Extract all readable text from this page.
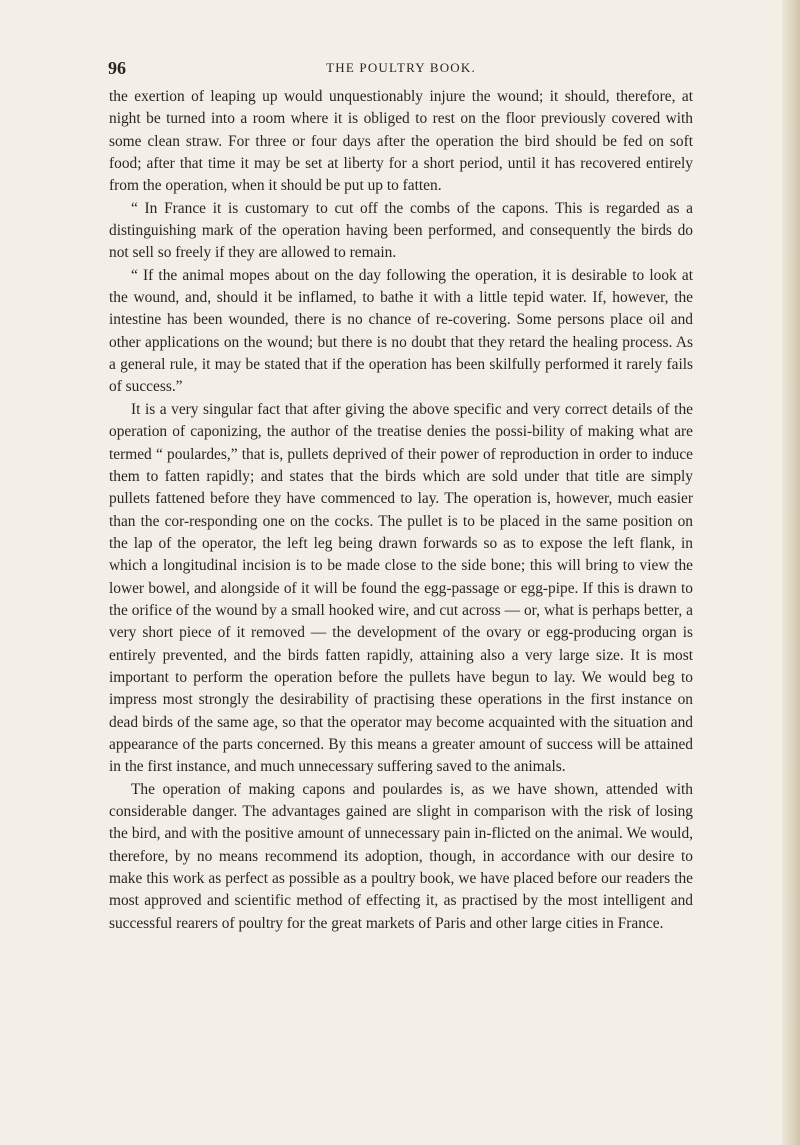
96	THE POULTRY BOOK.

the exertion of leaping up would unquestionably injure the wound; it should, therefore, at night be turned into a room where it is obliged to rest on the floor previously covered with some clean straw. For three or four days after the operation the bird should be fed on soft food; after that time it may be set at liberty for a short period, until it has recovered entirely from the operation, when it should be put up to fatten.

“ In France it is customary to cut off the combs of the capons. This is regarded as a distinguishing mark of the operation having been performed, and consequently the birds do not sell so freely if they are allowed to remain.

“ If the animal mopes about on the day following the operation, it is desirable to look at the wound, and, should it be inflamed, to bathe it with a little tepid water. If, however, the intestine has been wounded, there is no chance of re-covering. Some persons place oil and other applications on the wound; but there is no doubt that they retard the healing process. As a general rule, it may be stated that if the operation has been skilfully performed it rarely fails of success.”

It is a very singular fact that after giving the above specific and very correct details of the operation of caponizing, the author of the treatise denies the possi-bility of making what are termed “ poulardes,” that is, pullets deprived of their power of reproduction in order to induce them to fatten rapidly; and states that the birds which are sold under that title are simply pullets fattened before they have commenced to lay. The operation is, however, much easier than the cor-responding one on the cocks. The pullet is to be placed in the same position on the lap of the operator, the left leg being drawn forwards so as to expose the left flank, in which a longitudinal incision is to be made close to the side bone; this will bring to view the lower bowel, and alongside of it will be found the egg-passage or egg-pipe. If this is drawn to the orifice of the wound by a small hooked wire, and cut across — or, what is perhaps better, a very short piece of it removed — the development of the ovary or egg-producing organ is entirely prevented, and the birds fatten rapidly, attaining also a very large size. It is most important to perform the operation before the pullets have begun to lay. We would beg to impress most strongly the desirability of practising these operations in the first instance on dead birds of the same age, so that the operator may become acquainted with the situation and appearance of the parts concerned. By this means a greater amount of success will be attained in the first instance, and much unnecessary suffering saved to the animals.

The operation of making capons and poulardes is, as we have shown, attended with considerable danger. The advantages gained are slight in comparison with the risk of losing the bird, and with the positive amount of unnecessary pain in-flicted on the animal. We would, therefore, by no means recommend its adoption, though, in accordance with our desire to make this work as perfect as possible as a poultry book, we have placed before our readers the most approved and scientific method of effecting it, as practised by the most intelligent and successful rearers of poultry for the great markets of Paris and other large cities in France.
